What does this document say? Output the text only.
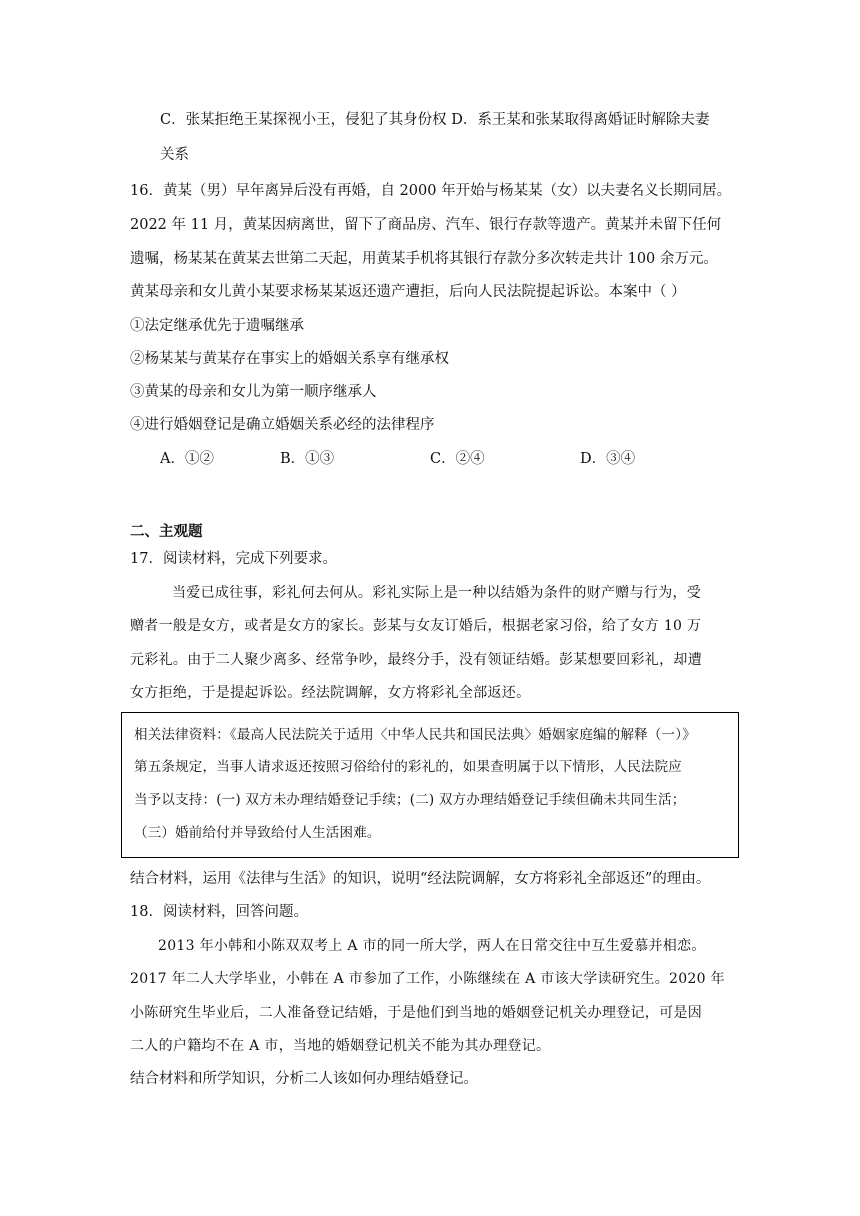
C．张某拒绝王某探视小王，侵犯了其身份权 D．系王某和张某取得离婚证时解除夫妻
关系
16．黄某（男）早年离异后没有再婚，自 2000 年开始与杨某某（女）以夫妻名义长期同居。
2022 年 11 月，黄某因病离世，留下了商品房、汽车、银行存款等遗产。黄某并未留下任何
遗嘱，杨某某在黄某去世第二天起，用黄某手机将其银行存款分多次转走共计 100 余万元。
黄某母亲和女儿黄小某要求杨某某返还遗产遭拒，后向人民法院提起诉讼。本案中（ ）
①法定继承优先于遗嘱继承
②杨某某与黄某存在事实上的婚姻关系享有继承权
③黄某的母亲和女儿为第一顺序继承人
④进行婚姻登记是确立婚姻关系必经的法律程序
A．①②	B．①③	C．②④	D．③④
二、主观题
17．阅读材料，完成下列要求。
当爱已成往事，彩礼何去何从。彩礼实际上是一种以结婚为条件的财产赠与行为，受
赠者一般是女方，或者是女方的家长。彭某与女友订婚后，根据老家习俗，给了女方 10 万
元彩礼。由于二人聚少离多、经常争吵，最终分手，没有领证结婚。彭某想要回彩礼，却遭
女方拒绝，于是提起诉讼。经法院调解，女方将彩礼全部返还。
相关法律资料：《最高人民法院关于适用〈中华人民共和国民法典〉婚姻家庭编的解释（一）》
第五条规定，当事人请求返还按照习俗给付的彩礼的，如果查明属于以下情形，人民法院应
当予以支持：(一) 双方未办理结婚登记手续；(二) 双方办理结婚登记手续但确未共同生活；
（三）婚前给付并导致给付人生活困难。
结合材料，运用《法律与生活》的知识，说明“经法院调解，女方将彩礼全部返还”的理由。
18．阅读材料，回答问题。
2013 年小韩和小陈双双考上 A 市的同一所大学，两人在日常交往中互生爱慕并相恋。
2017 年二人大学毕业，小韩在 A 市参加了工作，小陈继续在 A 市该大学读研究生。2020 年
小陈研究生毕业后，二人准备登记结婚，于是他们到当地的婚姻登记机关办理登记，可是因
二人的户籍均不在 A 市，当地的婚姻登记机关不能为其办理登记。
结合材料和所学知识，分析二人该如何办理结婚登记。
